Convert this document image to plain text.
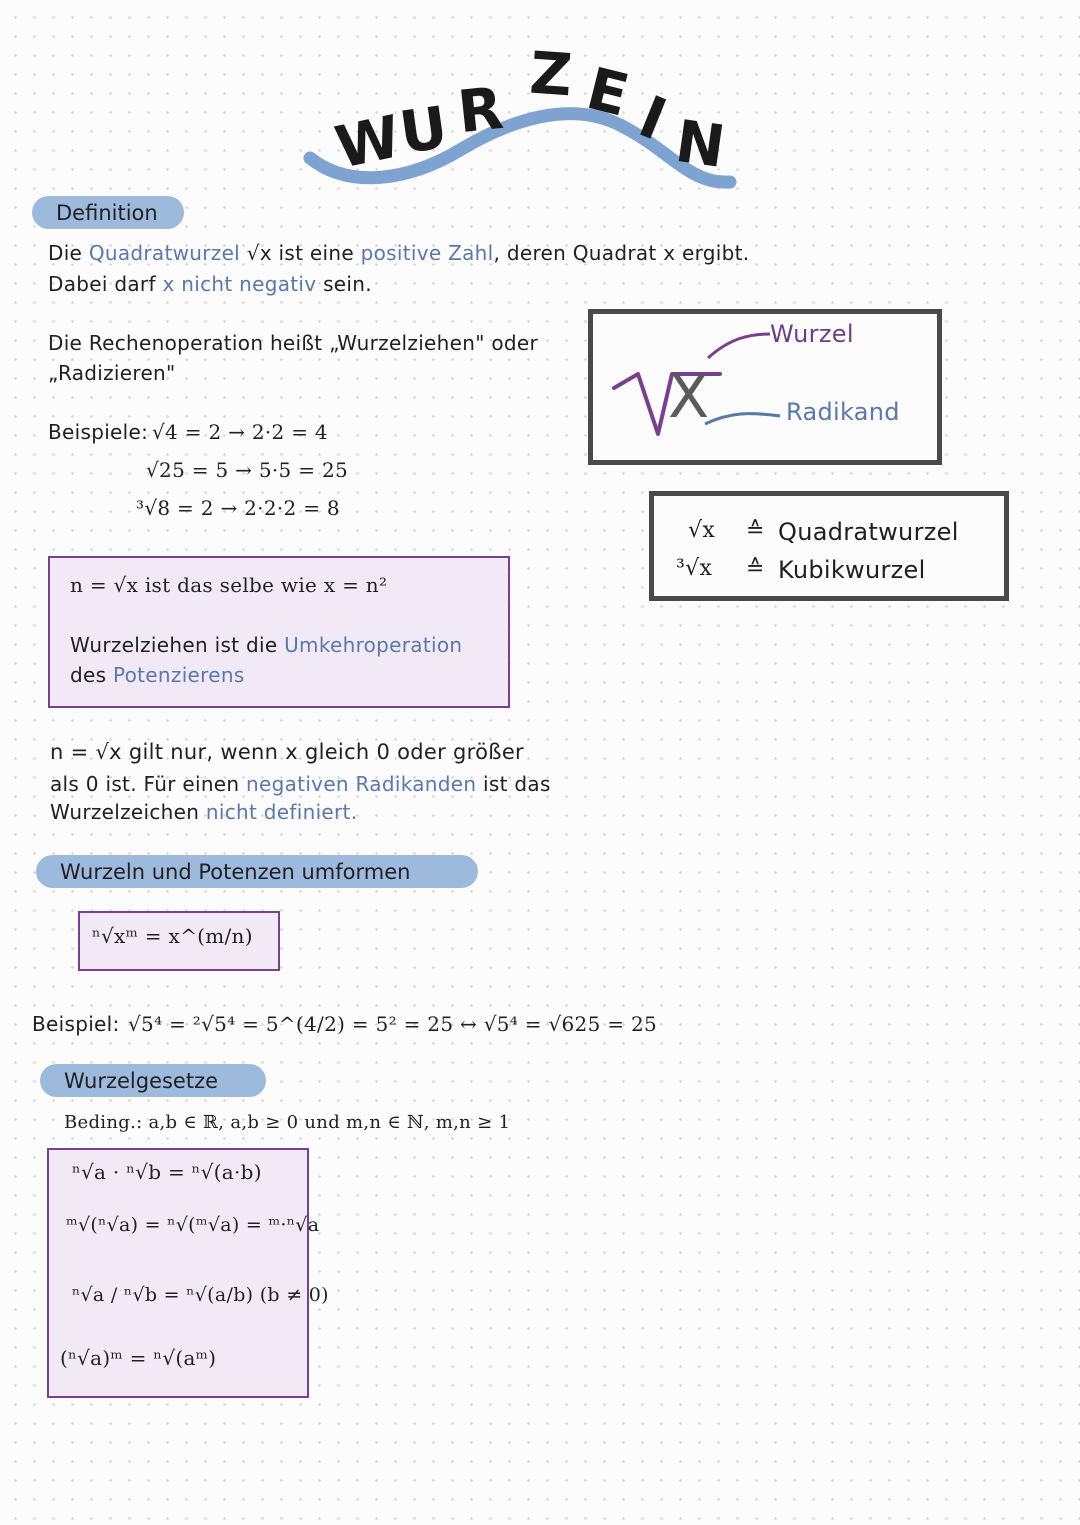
W
U R Z E
I
N
Definition
Die Quadratwurzel √x ist eine positive Zahl, deren Quadrat x ergibt.
Dabei darf x nicht negativ sein.
Die Rechenoperation heißt „Wurzelziehen" oder
„Radizieren"
Beispiele: √4 = 2 → 2·2 = 4
√25 = 5 → 5·5 = 25
³√8 = 2 → 2·2·2 = 8
X
Wurzel
Radikand
√x ≙ Quadratwurzel
³√x ≙ Kubikwurzel
n = √x ist das selbe wie x = n²
Wurzelziehen ist die Umkehroperation
des Potenzierens
n = √x gilt nur, wenn x gleich 0 oder größer
als 0 ist. Für einen negativen Radikanden ist das
Wurzelzeichen nicht definiert.
Wurzeln und Potenzen umformen
ⁿ√xᵐ = x^(m/n)
Beispiel: √5⁴ = ²√5⁴ = 5^(4/2) = 5² = 25 ↔ √5⁴ = √625 = 25
Wurzelgesetze
Beding.: a,b ∈ ℝ, a,b ≥ 0 und m,n ∈ ℕ, m,n ≥ 1
ⁿ√a · ⁿ√b = ⁿ√(a·b)
ᵐ√(ⁿ√a) = ⁿ√(ᵐ√a) = ᵐ·ⁿ√a
ⁿ√a / ⁿ√b = ⁿ√(a/b) (b ≠ 0)
(ⁿ√a)ᵐ = ⁿ√(aᵐ)
